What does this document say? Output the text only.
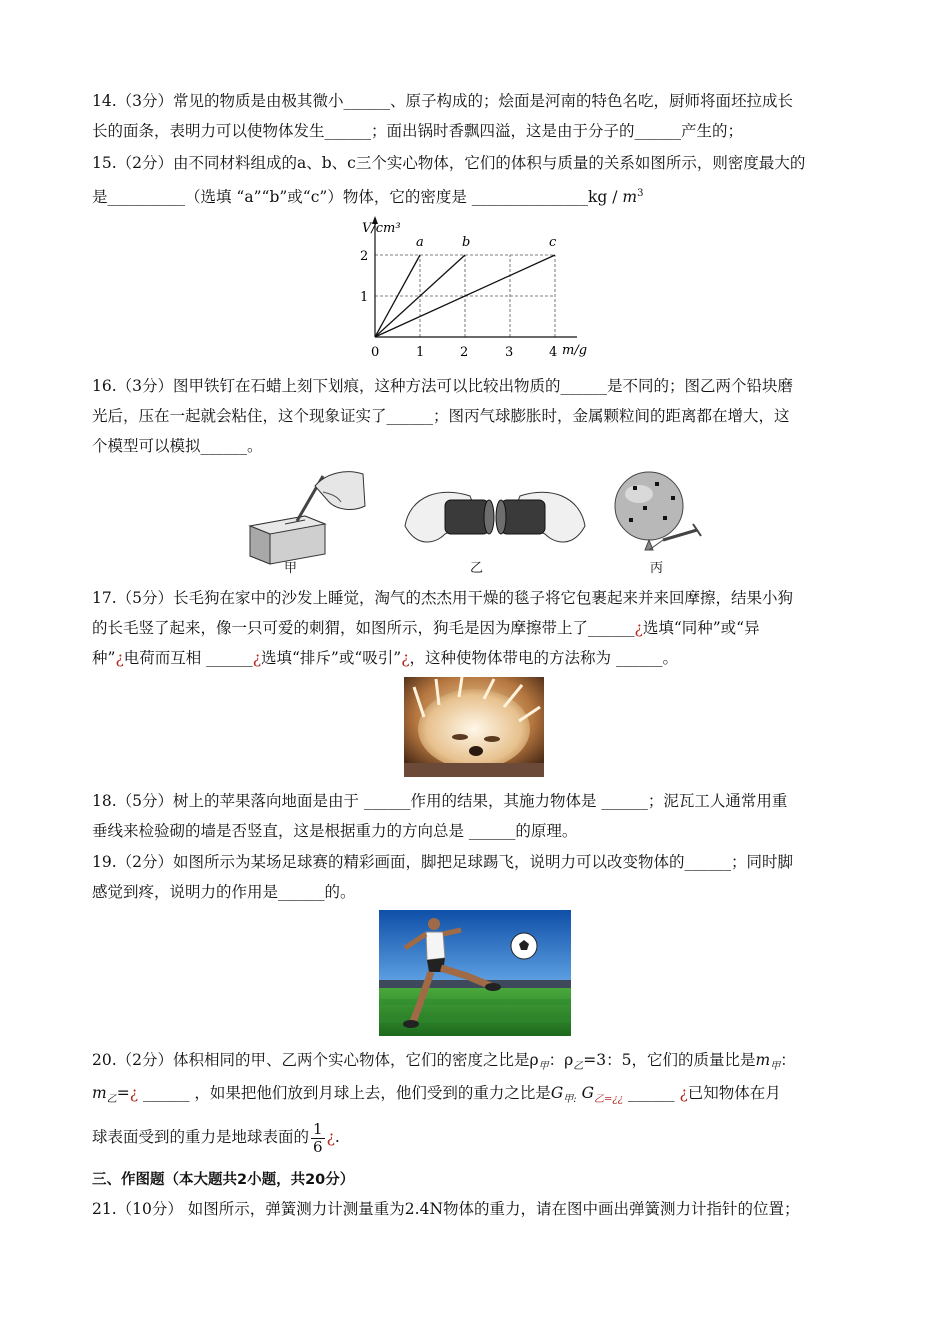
14.（3分）常见的物质是由极其微小______、原子构成的；烩面是河南的特色名吃，厨师将面坯拉成长
长的面条，表明力可以使物体发生______；面出锅时香飘四溢，这是由于分子的______产生的；
15.（2分）由不同材料组成的a、b、c三个实心物体，它们的体积与质量的关系如图所示，则密度最大的
是__________（选填 “a”“b”或“c”）物体，它的密度是 _______________kg / $m^3$
V/cm³
m/g
1
2
0	1	2	3	4
a	b	c
16.（3分）图甲铁钉在石蜡上刻下划痕，这种方法可以比较出物质的______是不同的；图乙两个铅块磨
光后，压在一起就会粘住，这个现象证实了______；图丙气球膨胀时，金属颗粒间的距离都在增大，这
个模型可以模拟______。
甲	乙	丙
17.（5分）长毛狗在家中的沙发上睡觉，淘气的杰杰用干燥的毯子将它包裹起来并来回摩擦，结果小狗
的长毛竖了起来，像一只可爱的刺猬，如图所示，狗毛是因为摩擦带上了______¿选填“同种”或“异
种”¿电荷而互相 ______¿选填“排斥”或“吸引”¿，这种使物体带电的方法称为 ______。
18.（5分）树上的苹果落向地面是由于 ______作用的结果，其施力物体是 ______；泥瓦工人通常用重
垂线来检验砌的墙是否竖直，这是根据重力的方向总是 ______的原理。
19.（2分）如图所示为某场足球赛的精彩画面，脚把足球踢飞，说明力可以改变物体的______；同时脚
感觉到疼，说明力的作用是______的。
20.（2分）体积相同的甲、乙两个实心物体，它们的密度之比是$\rho_甲$：$\rho_乙=3$：5，它们的质量比是$m_甲$：
$m_乙=¿$ ______ ，如果把他们放到月球上去，他们受到的重力之比是$G_{甲:}$ $G_{乙=¿¿}$ ______ ¿已知物体在月
球表面受到的重力是地球表面的 $\frac{1}{6}$ ¿.
三、作图题（本大题共2小题，共20分）
21.（10分） 如图所示，弹簧测力计测量重为2.4N物体的重力，请在图中画出弹簧测力计指针的位置；
